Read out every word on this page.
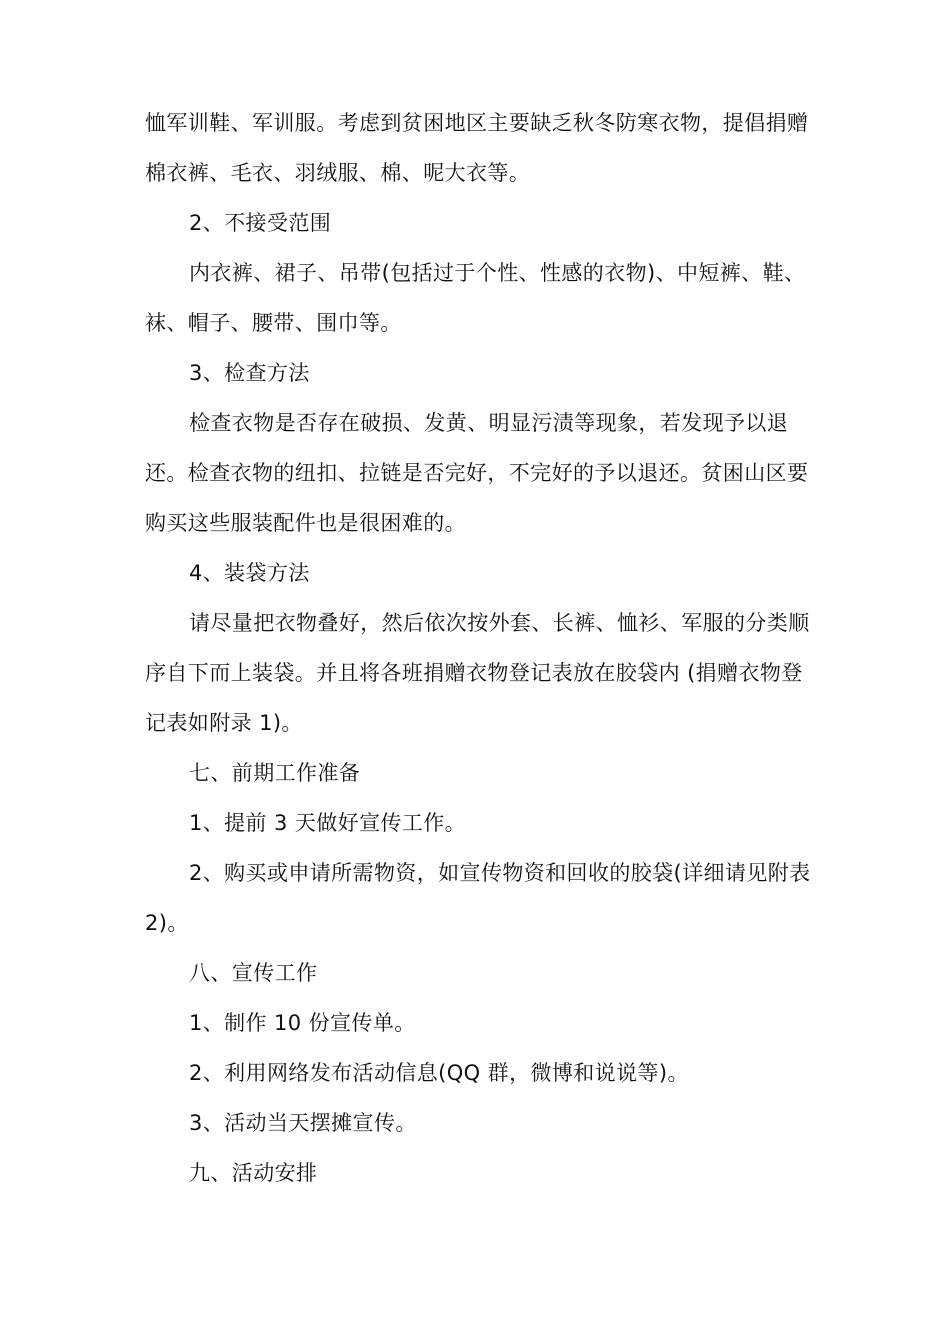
恤军训鞋、军训服。考虑到贫困地区主要缺乏秋冬防寒衣物，提倡捐赠棉衣裤、毛衣、羽绒服、棉、呢大衣等。

2、不接受范围

内衣裤、裙子、吊带(包括过于个性、性感的衣物)、中短裤、鞋、袜、帽子、腰带、围巾等。

3、检查方法

检查衣物是否存在破损、发黄、明显污渍等现象，若发现予以退还。检查衣物的纽扣、拉链是否完好，不完好的予以退还。贫困山区要购买这些服装配件也是很困难的。

4、装袋方法

请尽量把衣物叠好，然后依次按外套、长裤、恤衫、军服的分类顺序自下而上装袋。并且将各班捐赠衣物登记表放在胶袋内 (捐赠衣物登记表如附录 1)。

七、前期工作准备

1、提前 3 天做好宣传工作。

2、购买或申请所需物资，如宣传物资和回收的胶袋(详细请见附表 2)。

八、宣传工作

1、制作 10 份宣传单。

2、利用网络发布活动信息(QQ 群，微博和说说等)。

3、活动当天摆摊宣传。

九、活动安排
